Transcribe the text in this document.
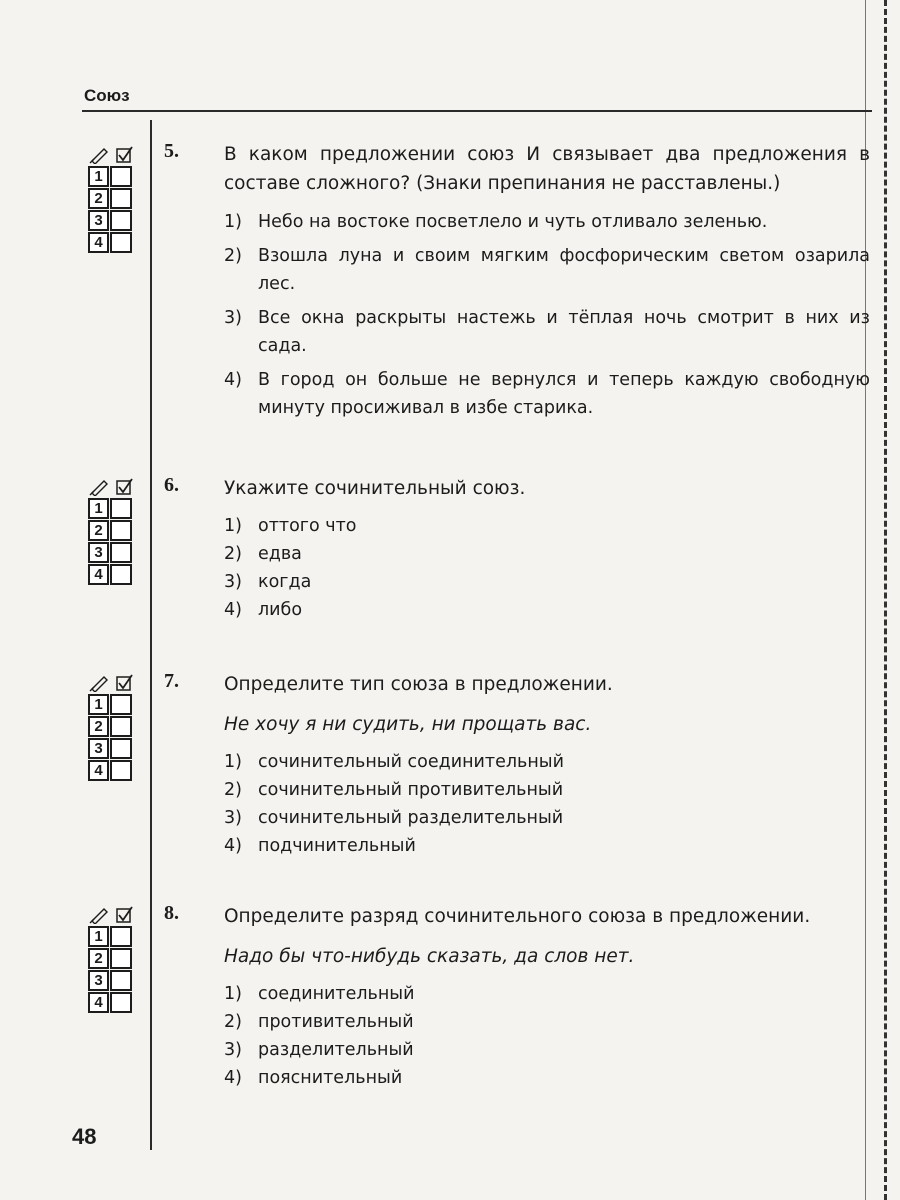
Союз
1
2
3
4
1
2
3
4
1
2
3
4
1
2
3
4
5. В каком предложении союз И связывает два предложения в составе сложного? (Знаки препинания не расставлены.)
1) Небо на востоке посветлело и чуть отливало зеленью.
2) Взошла луна и своим мягким фосфорическим светом озарила лес.
3) Все окна раскрыты настежь и тёплая ночь смотрит в них из сада.
4) В город он больше не вернулся и теперь каждую свободную минуту просиживал в избе старика.
6. Укажите сочинительный союз.
1) оттого что
2) едва
3) когда
4) либо
7. Определите тип союза в предложении.
Не хочу я ни судить, ни прощать вас.
1) сочинительный соединительный
2) сочинительный противительный
3) сочинительный разделительный
4) подчинительный
8. Определите разряд сочинительного союза в предложении.
Надо бы что-нибудь сказать, да слов нет.
1) соединительный
2) противительный
3) разделительный
4) пояснительный
48
